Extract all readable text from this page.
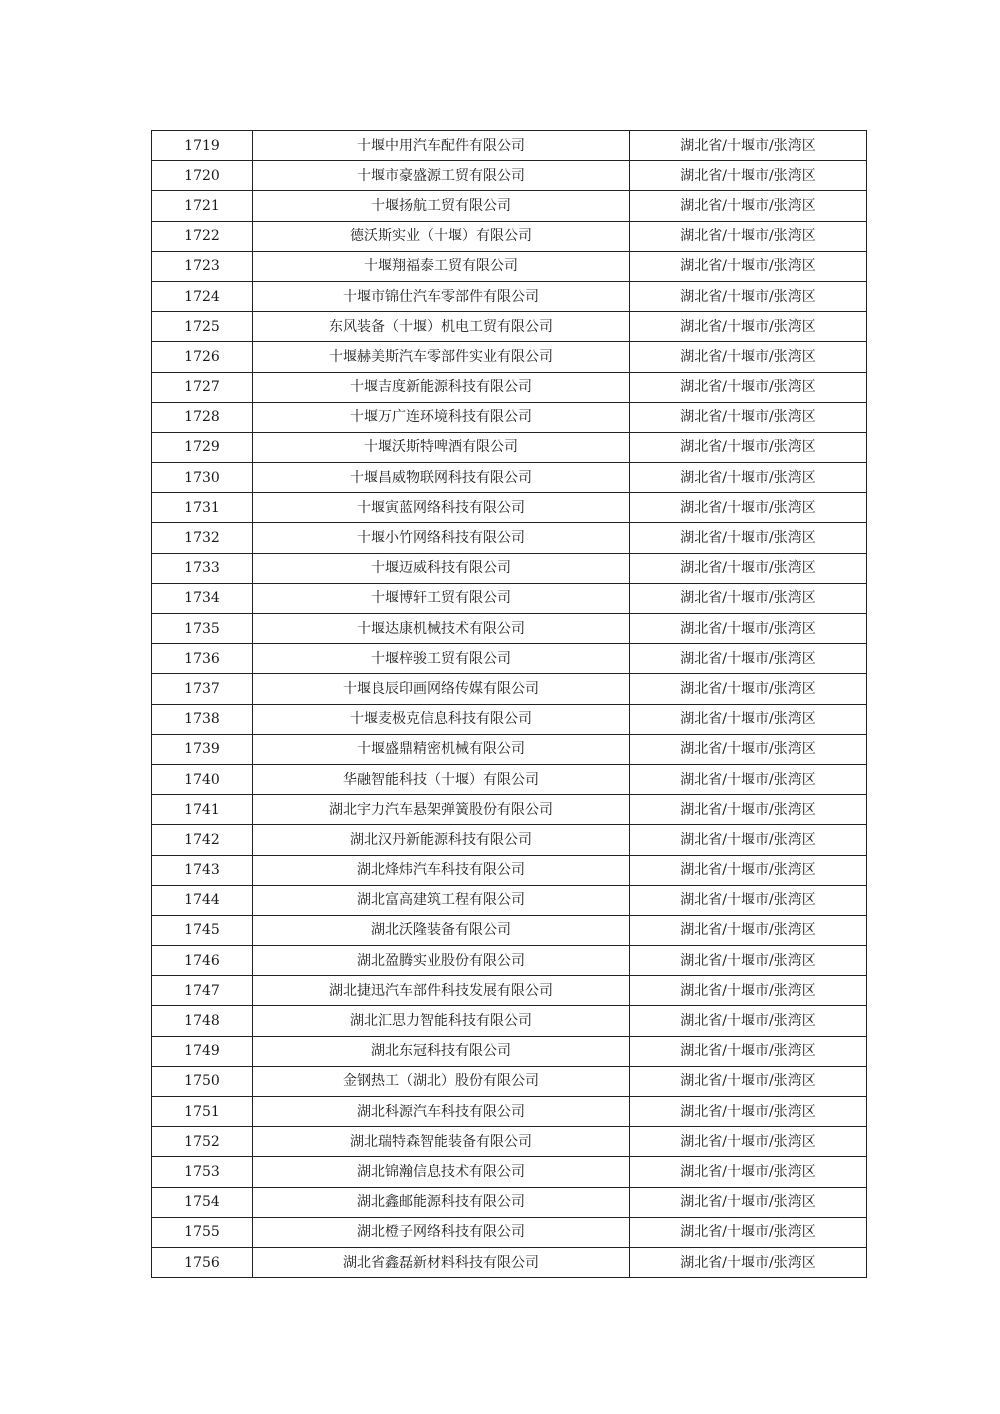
1719	十堰中用汽车配件有限公司	湖北省/十堰市/张湾区
1720	十堰市豪盛源工贸有限公司	湖北省/十堰市/张湾区
1721	十堰扬航工贸有限公司	湖北省/十堰市/张湾区
1722	德沃斯实业（十堰）有限公司	湖北省/十堰市/张湾区
1723	十堰翔福泰工贸有限公司	湖北省/十堰市/张湾区
1724	十堰市锦仕汽车零部件有限公司	湖北省/十堰市/张湾区
1725	东风装备（十堰）机电工贸有限公司	湖北省/十堰市/张湾区
1726	十堰赫美斯汽车零部件实业有限公司	湖北省/十堰市/张湾区
1727	十堰吉度新能源科技有限公司	湖北省/十堰市/张湾区
1728	十堰万广连环境科技有限公司	湖北省/十堰市/张湾区
1729	十堰沃斯特啤酒有限公司	湖北省/十堰市/张湾区
1730	十堰昌威物联网科技有限公司	湖北省/十堰市/张湾区
1731	十堰寅蓝网络科技有限公司	湖北省/十堰市/张湾区
1732	十堰小竹网络科技有限公司	湖北省/十堰市/张湾区
1733	十堰迈威科技有限公司	湖北省/十堰市/张湾区
1734	十堰博轩工贸有限公司	湖北省/十堰市/张湾区
1735	十堰达康机械技术有限公司	湖北省/十堰市/张湾区
1736	十堰梓骏工贸有限公司	湖北省/十堰市/张湾区
1737	十堰良辰印画网络传媒有限公司	湖北省/十堰市/张湾区
1738	十堰麦极克信息科技有限公司	湖北省/十堰市/张湾区
1739	十堰盛鼎精密机械有限公司	湖北省/十堰市/张湾区
1740	华融智能科技（十堰）有限公司	湖北省/十堰市/张湾区
1741	湖北宇力汽车悬架弹簧股份有限公司	湖北省/十堰市/张湾区
1742	湖北汉丹新能源科技有限公司	湖北省/十堰市/张湾区
1743	湖北烽炜汽车科技有限公司	湖北省/十堰市/张湾区
1744	湖北富高建筑工程有限公司	湖北省/十堰市/张湾区
1745	湖北沃隆装备有限公司	湖北省/十堰市/张湾区
1746	湖北盈腾实业股份有限公司	湖北省/十堰市/张湾区
1747	湖北捷迅汽车部件科技发展有限公司	湖北省/十堰市/张湾区
1748	湖北汇思力智能科技有限公司	湖北省/十堰市/张湾区
1749	湖北东冠科技有限公司	湖北省/十堰市/张湾区
1750	金钢热工（湖北）股份有限公司	湖北省/十堰市/张湾区
1751	湖北科源汽车科技有限公司	湖北省/十堰市/张湾区
1752	湖北瑞特森智能装备有限公司	湖北省/十堰市/张湾区
1753	湖北锦瀚信息技术有限公司	湖北省/十堰市/张湾区
1754	湖北鑫邮能源科技有限公司	湖北省/十堰市/张湾区
1755	湖北橙子网络科技有限公司	湖北省/十堰市/张湾区
1756	湖北省鑫磊新材料科技有限公司	湖北省/十堰市/张湾区
